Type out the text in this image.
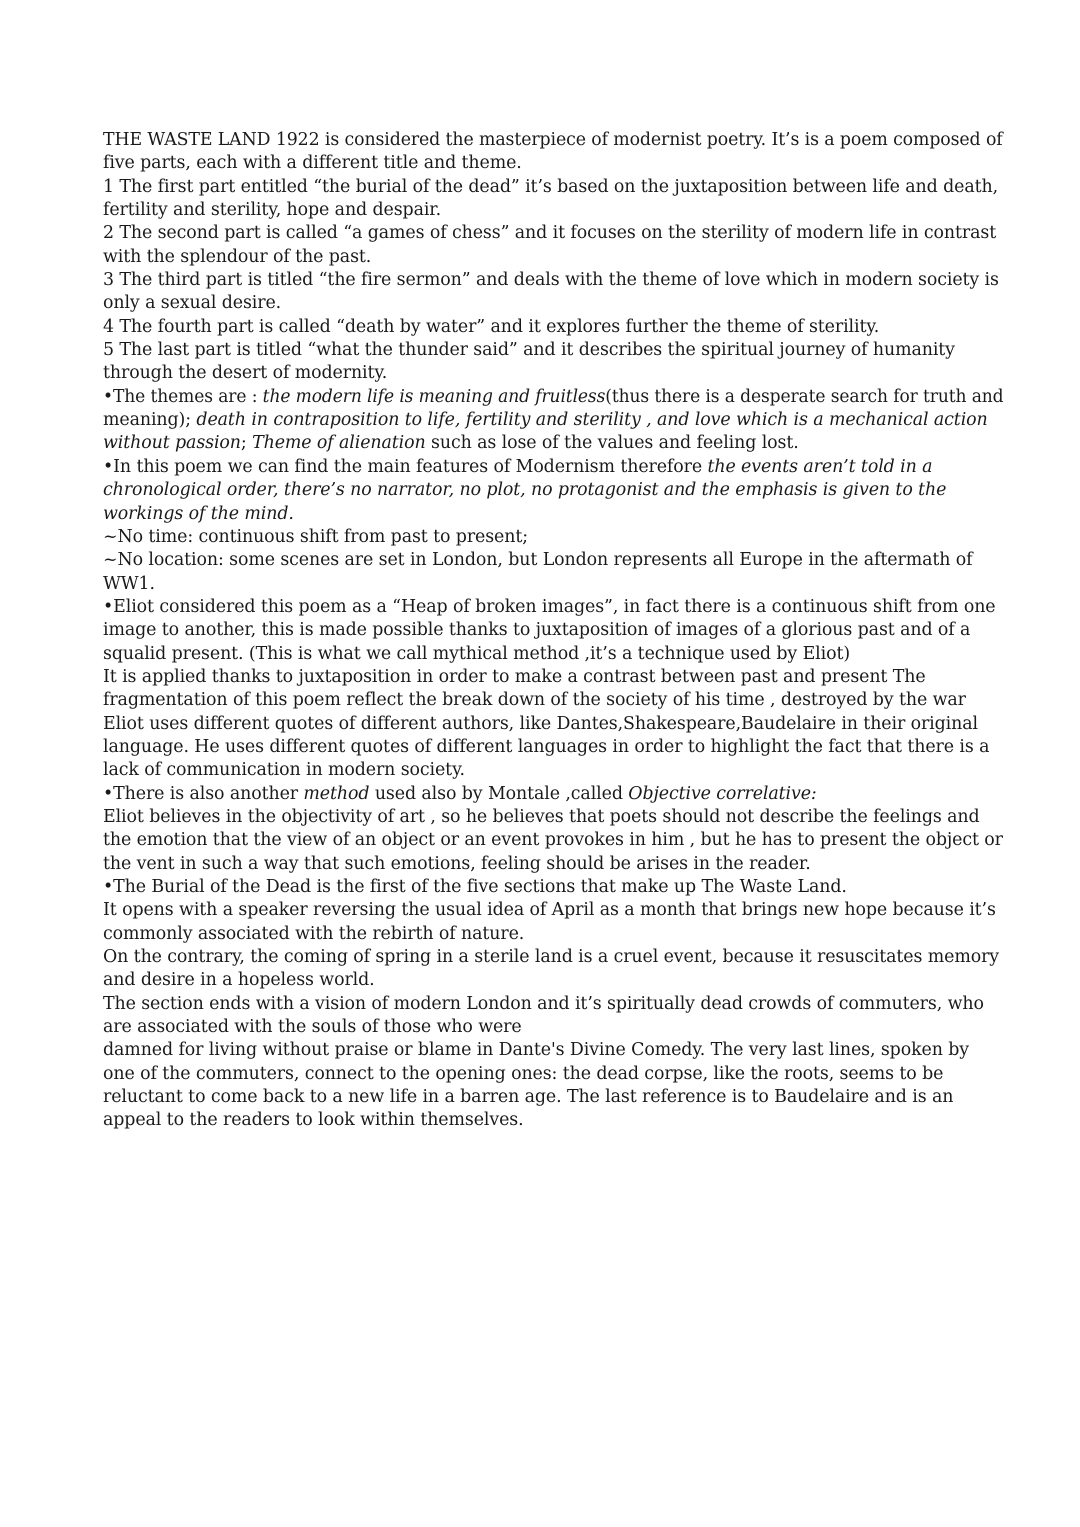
THE WASTE LAND 1922 is considered the masterpiece of modernist poetry. It’s is a poem composed of
five parts, each with a different title and theme.
1 The first part entitled “the burial of the dead” it’s based on the juxtaposition between life and death,
fertility and sterility, hope and despair.
2 The second part is called “a games of chess” and it focuses on the sterility of modern life in contrast
with the splendour of the past.
3 The third part is titled “the fire sermon” and deals with the theme of love which in modern society is
only a sexual desire.
4 The fourth part is called “death by water” and it explores further the theme of sterility.
5 The last part is titled “what the thunder said” and it describes the spiritual journey of humanity
through the desert of modernity.
•The themes are : the modern life is meaning and fruitless(thus there is a desperate search for truth and
meaning); death in contraposition to life, fertility and sterility , and love which is a mechanical action
without passion; Theme of alienation such as lose of the values and feeling lost.
•In this poem we can find the main features of Modernism therefore the events aren’t told in a
chronological order, there’s no narrator, no plot, no protagonist and the emphasis is given to the
workings of the mind.
~No time: continuous shift from past to present;
~No location: some scenes are set in London, but London represents all Europe in the aftermath of
WW1.
•Eliot considered this poem as a “Heap of broken images”, in fact there is a continuous shift from one
image to another, this is made possible thanks to juxtaposition of images of a glorious past and of a
squalid present. (This is what we call mythical method ,it’s a technique used by Eliot)
It is applied thanks to juxtaposition in order to make a contrast between past and present The
fragmentation of this poem reflect the break down of the society of his time , destroyed by the war
Eliot uses different quotes of different authors, like Dantes,Shakespeare,Baudelaire in their original
language. He uses different quotes of different languages in order to highlight the fact that there is a
lack of communication in modern society.
•There is also another method used also by Montale ,called Objective correlative:
Eliot believes in the objectivity of art , so he believes that poets should not describe the feelings and
the emotion that the view of an object or an event provokes in him , but he has to present the object or
the vent in such a way that such emotions, feeling should be arises in the reader.
•The Burial of the Dead is the first of the five sections that make up The Waste Land.
It opens with a speaker reversing the usual idea of April as a month that brings new hope because it’s
commonly associated with the rebirth of nature.
On the contrary, the coming of spring in a sterile land is a cruel event, because it resuscitates memory
and desire in a hopeless world.
The section ends with a vision of modern London and it’s spiritually dead crowds of commuters, who
are associated with the souls of those who were
damned for living without praise or blame in Dante's Divine Comedy. The very last lines, spoken by
one of the commuters, connect to the opening ones: the dead corpse, like the roots, seems to be
reluctant to come back to a new life in a barren age. The last reference is to Baudelaire and is an
appeal to the readers to look within themselves.
